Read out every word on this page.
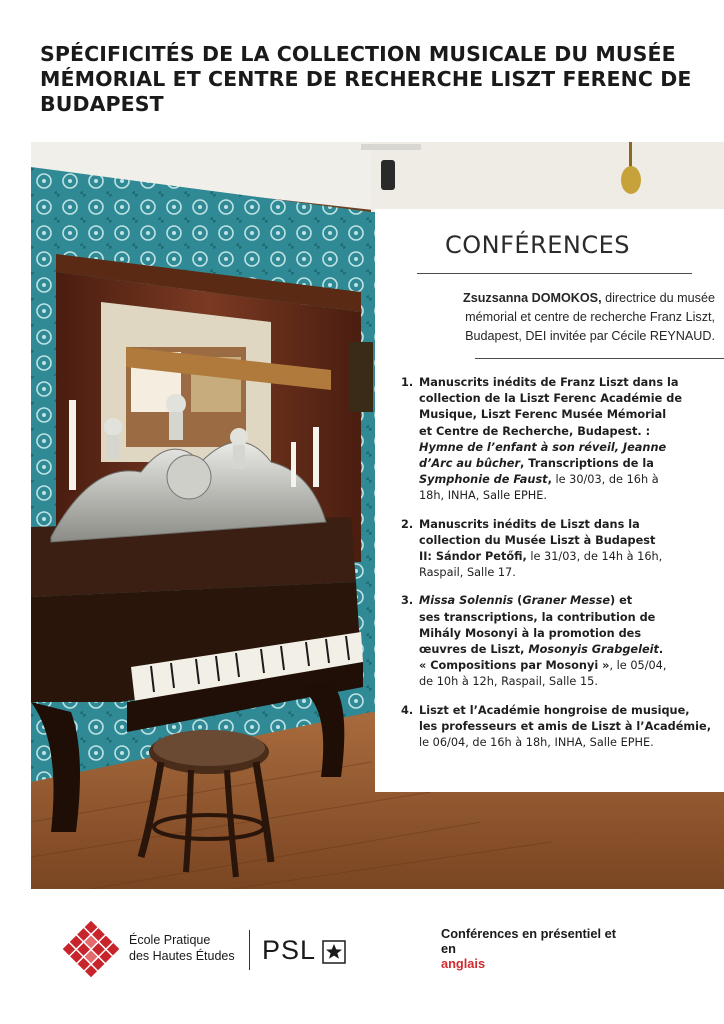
SPÉCIFICITÉS DE LA COLLECTION MUSICALE DU MUSÉE
MÉMORIAL ET CENTRE DE RECHERCHE LISZT FERENC DE
BUDAPEST
CONFÉRENCES

Zsuzsanna DOMOKOS, directrice du musée

mémorial et centre de recherche Franz Liszt,

Budapest, DEI invitée par Cécile REYNAUD.

1. Manuscrits inédits de Franz Liszt dans la
collection de la Liszt Ferenc Académie de
Musique, Liszt Ferenc Musée Mémorial
et Centre de Recherche, Budapest. :
Hymne de l’enfant à son réveil, Jeanne
d’Arc au bûcher, Transcriptions de la
Symphonie de Faust, le 30/03, de 16h à
18h, INHA, Salle EPHE.
2. Manuscrits inédits de Liszt dans la
collection du Musée Liszt à Budapest
II: Sándor Petőfi, le 31/03, de 14h à 16h,
Raspail, Salle 17.
3. Missa Solennis (Graner Messe) et
ses transcriptions, la contribution de
Mihály Mosonyi à la promotion des
œuvres de Liszt, Mosonyis Grabgeleit.
« Compositions par Mosonyi », le 05/04,
de 10h à 12h, Raspail, Salle 15.
4. Liszt et l’Académie hongroise de musique,
les professeurs et amis de Liszt à l’Académie,
le 06/04, de 16h à 18h, INHA, Salle EPHE.
École Pratique
des Hautes Études PSL
Conférences en présentiel et
en
anglais
